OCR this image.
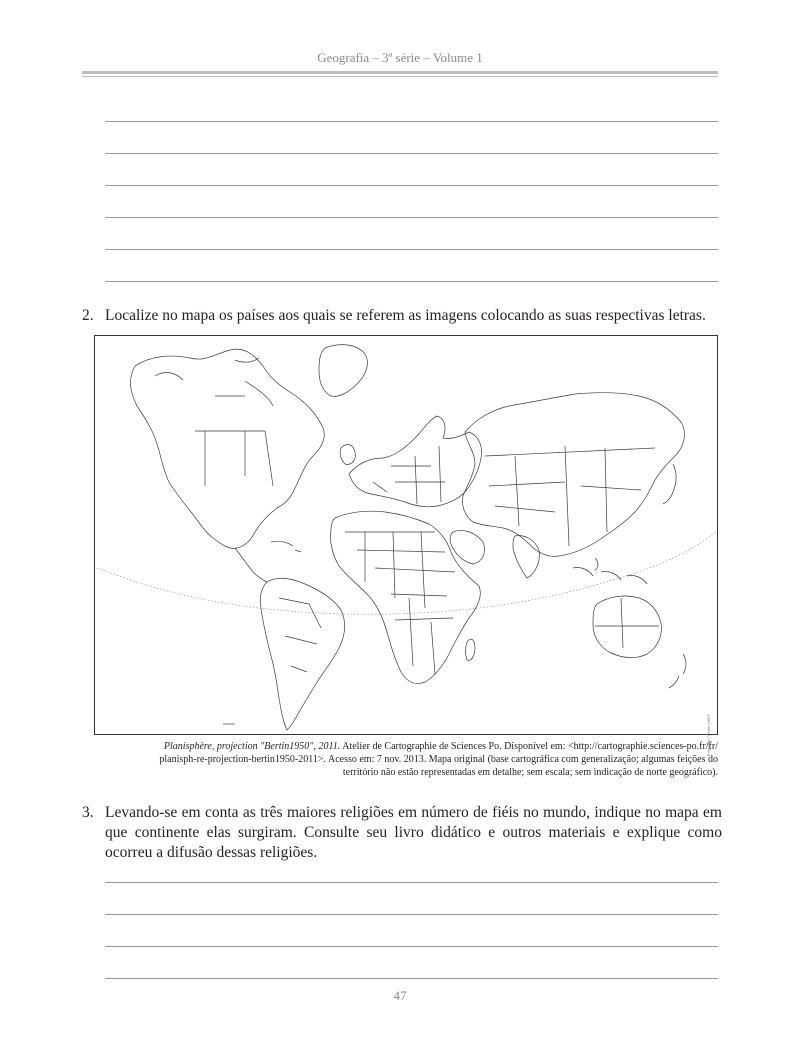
Geografia – 3ª série – Volume 1
2. Localize no mapa os países aos quais se referem as imagens colocando as suas respectivas letras.
Projection "Bertin 1950"
Planisphère, projection "Bertin1950", 2011. Atelier de Cartographie de Sciences Po. Disponível em: <http://cartographie.sciences-po.fr/fr/
planisph-re-projection-bertin1950-2011>. Acesso em: 7 nov. 2013. Mapa original (base cartográfica com generalização; algumas feições do
território não estão representadas em detalhe; sem escala; sem indicação de norte geográfico).
3. Levando-se em conta as três maiores religiões em número de fiéis no mundo, indique no mapa em que continente elas surgiram. Consulte seu livro didático e outros materiais e explique como ocorreu a difusão dessas religiões.
47
